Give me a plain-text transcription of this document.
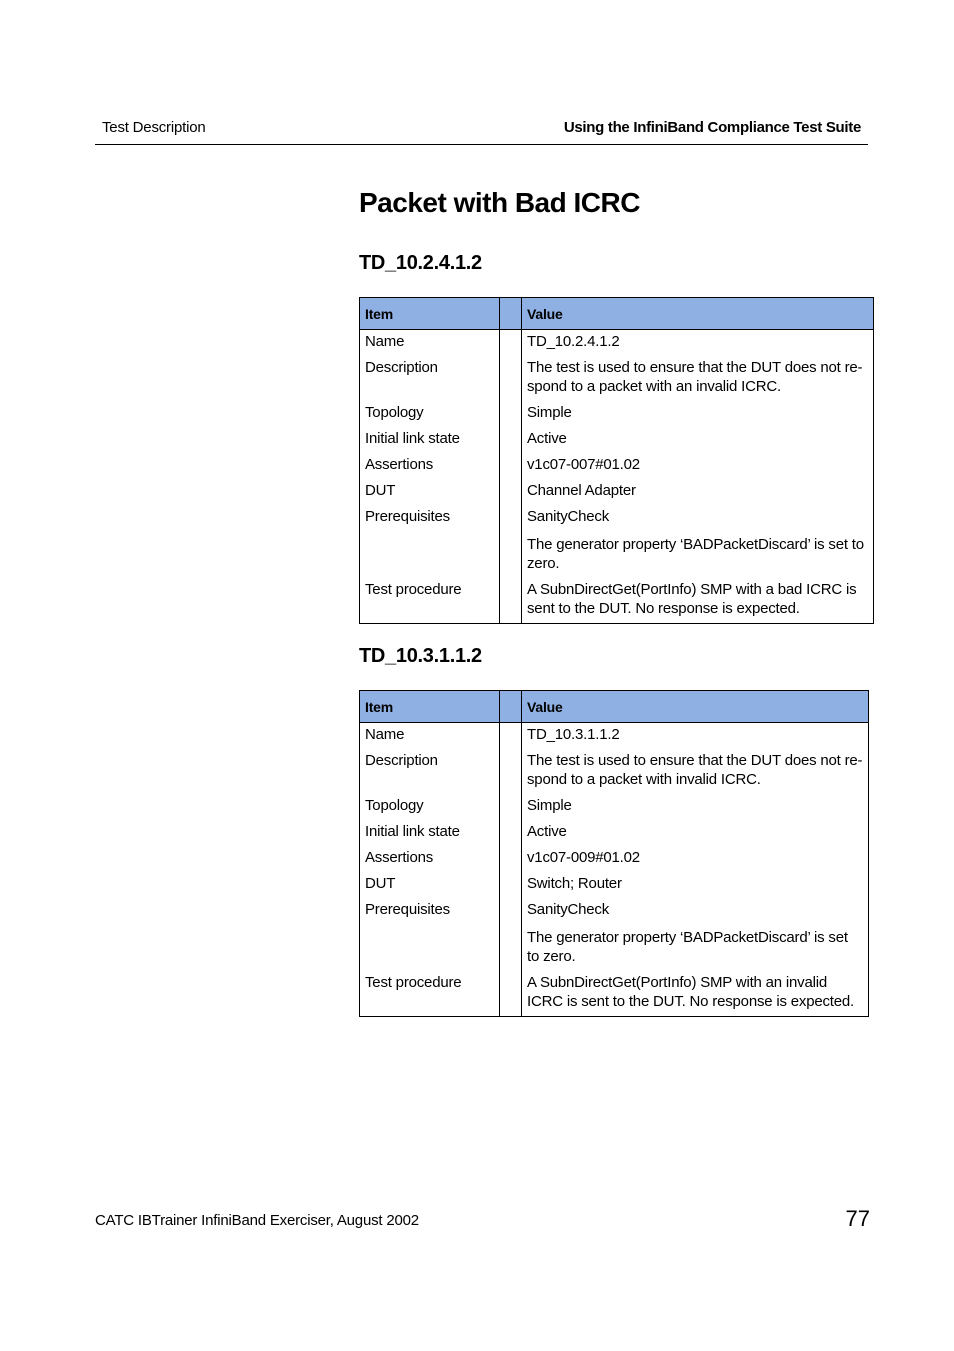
Test Description	Using the InfiniBand Compliance Test Suite
Packet with Bad ICRC
TD_10.2.4.1.2
Item		Value
Name		TD_10.2.4.1.2
Description		The test is used to ensure that the DUT does not re-spond to a packet with an invalid ICRC.
Topology		Simple
Initial link state		Active
Assertions		v1c07-007#01.02
DUT		Channel Adapter
Prerequisites		SanityCheck
		The generator property ‘BADPacketDiscard’ is set to zero.
Test procedure		A SubnDirectGet(PortInfo) SMP with a bad ICRC is sent to the DUT. No response is expected.
TD_10.3.1.1.2
Item		Value
Name		TD_10.3.1.1.2
Description		The test is used to ensure that the DUT does not re-spond to a packet with invalid ICRC.
Topology		Simple
Initial link state		Active
Assertions		v1c07-009#01.02
DUT		Switch; Router
Prerequisites		SanityCheck
		The generator property ‘BADPacketDiscard’ is set to zero.
Test procedure		A SubnDirectGet(PortInfo) SMP with an invalid ICRC is sent to the DUT. No response is expected.
CATC IBTrainer InfiniBand Exerciser, August 2002	77
